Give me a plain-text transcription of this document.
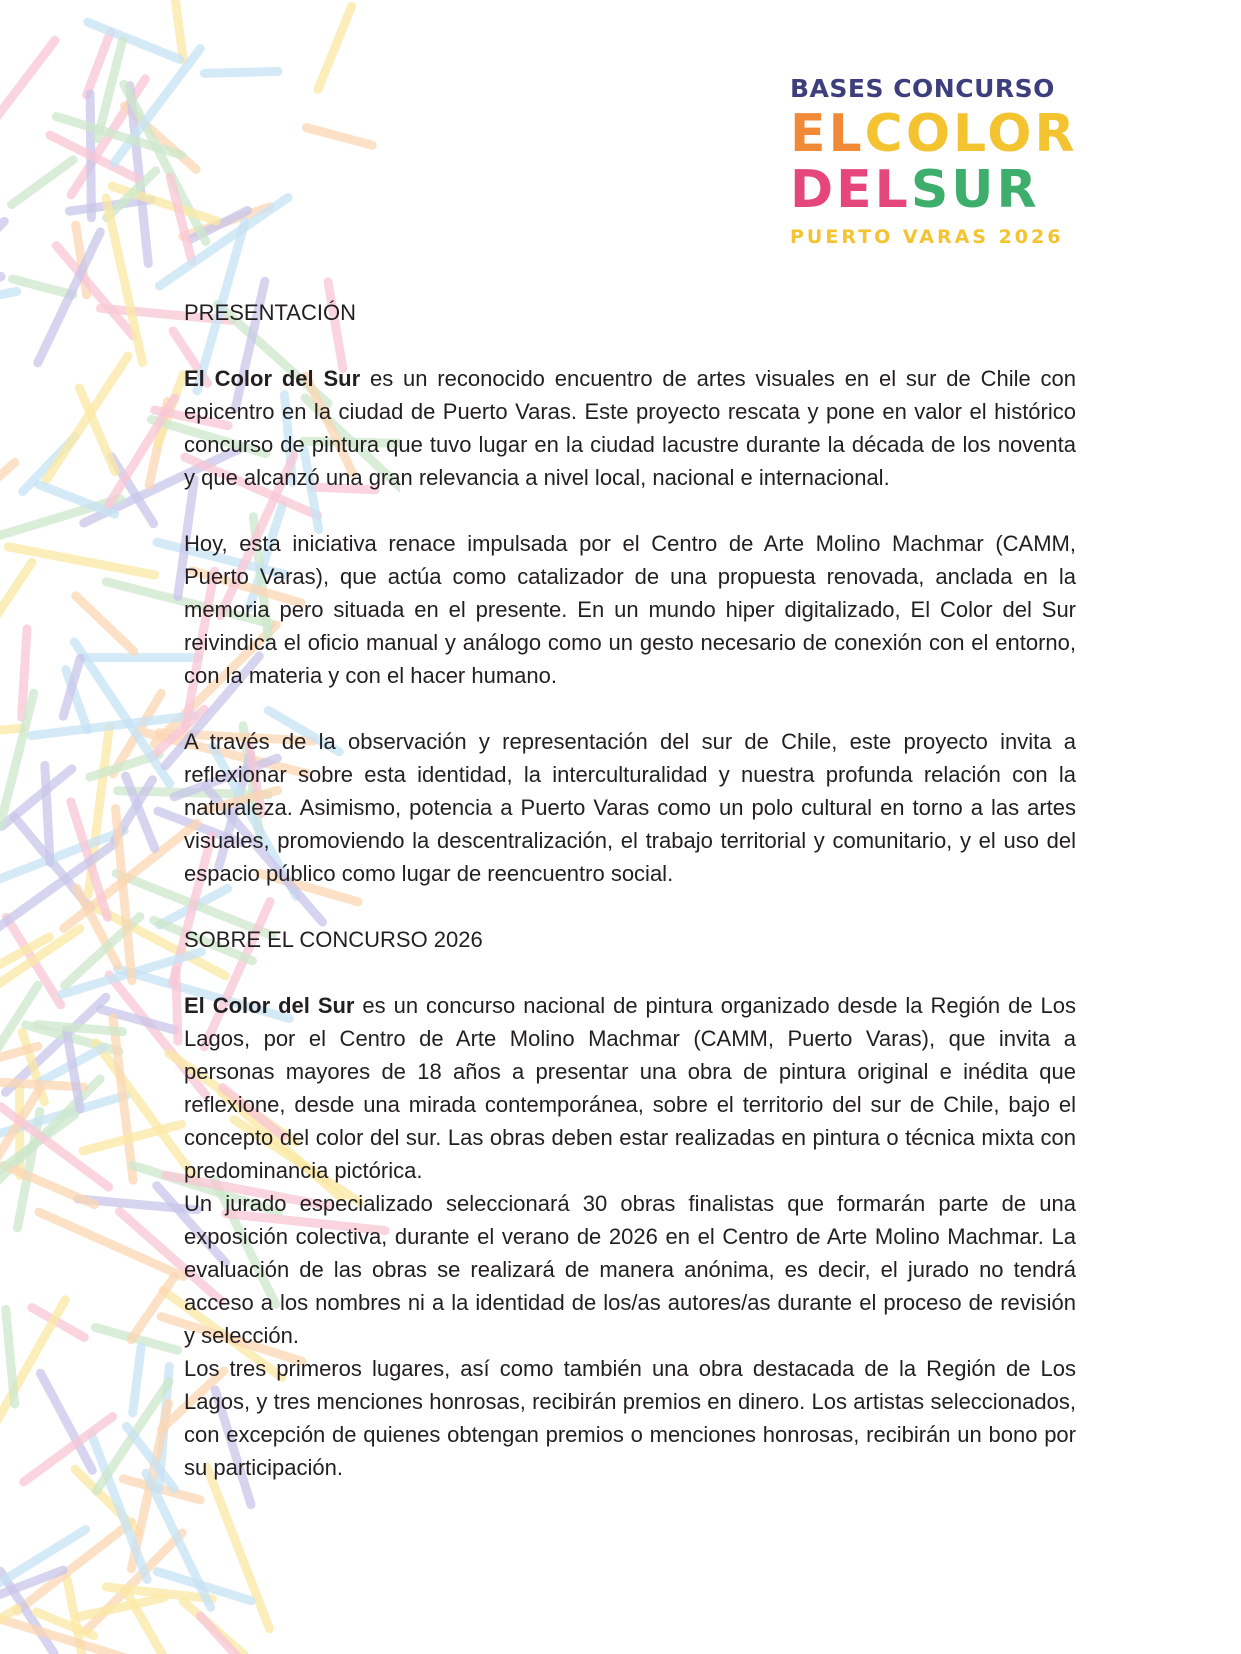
BASES CONCURSO
ELCOLOR
DELSUR
PUERTO VARAS 2026

PRESENTACIÓN

El Color del Sur es un reconocido encuentro de artes visuales en el sur de Chile con epicentro en la ciudad de Puerto Varas. Este proyecto rescata y pone en valor el histórico concurso de pintura que tuvo lugar en la ciudad lacustre durante la década de los noventa y que alcanzó una gran relevancia a nivel local, nacional e internacional.

Hoy, esta iniciativa renace impulsada por el Centro de Arte Molino Machmar (CAMM, Puerto Varas), que actúa como catalizador de una propuesta renovada, anclada en la memoria pero situada en el presente. En un mundo hiper digitalizado, El Color del Sur reivindica el oficio manual y análogo como un gesto necesario de conexión con el entorno, con la materia y con el hacer humano.

A través de la observación y representación del sur de Chile, este proyecto invita a reflexionar sobre esta identidad, la interculturalidad y nuestra profunda relación con la naturaleza. Asimismo, potencia a Puerto Varas como un polo cultural en torno a las artes visuales, promoviendo la descentralización, el trabajo territorial y comunitario, y el uso del espacio público como lugar de reencuentro social.

SOBRE EL CONCURSO 2026

El Color del Sur es un concurso nacional de pintura organizado desde la Región de Los Lagos, por el Centro de Arte Molino Machmar (CAMM, Puerto Varas), que invita a personas mayores de 18 años a presentar una obra de pintura original e inédita que reflexione, desde una mirada contemporánea, sobre el territorio del sur de Chile, bajo el concepto del color del sur. Las obras deben estar realizadas en pintura o técnica mixta con predominancia pictórica.

Un jurado especializado seleccionará 30 obras finalistas que formarán parte de una exposición colectiva, durante el verano de 2026 en el Centro de Arte Molino Machmar. La evaluación de las obras se realizará de manera anónima, es decir, el jurado no tendrá acceso a los nombres ni a la identidad de los/as autores/as durante el proceso de revisión y selección.

Los tres primeros lugares, así como también una obra destacada de la Región de Los Lagos, y tres menciones honrosas, recibirán premios en dinero. Los artistas seleccionados, con excepción de quienes obtengan premios o menciones honrosas, recibirán un bono por su participación.
